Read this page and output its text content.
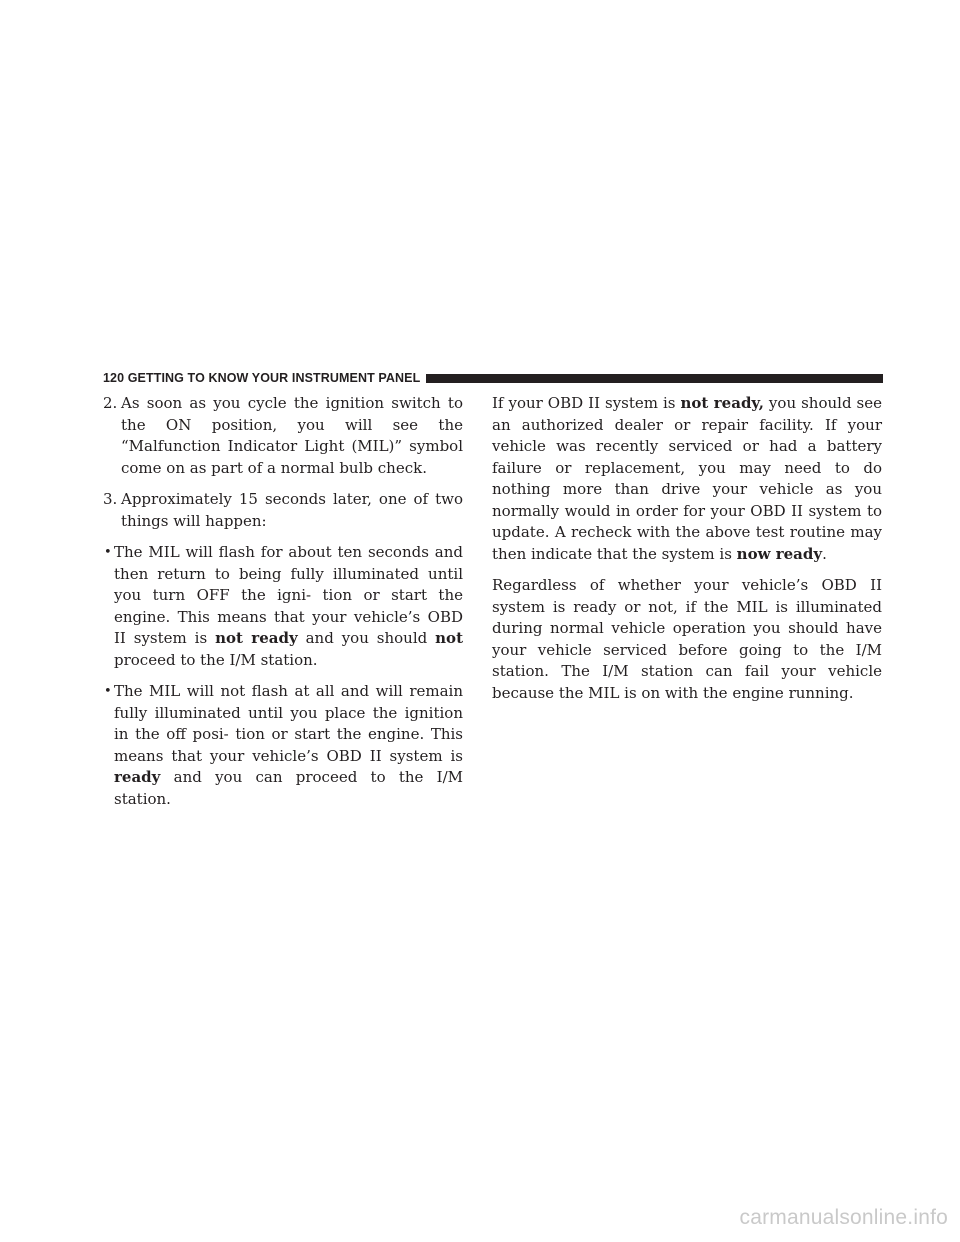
120 GETTING TO KNOW YOUR INSTRUMENT PANEL
2. As soon as you cycle the ignition switch to the ON position, you will see the “Malfunction Indicator Light (MIL)” symbol come on as part of a normal bulb check.
3. Approximately 15 seconds later, one of two things will happen:
• The MIL will flash for about ten seconds and then return to being fully illuminated until you turn OFF the igni- tion or start the engine. This means that your vehicle’s OBD II system is not ready and you should not proceed to the I/M station.
• The MIL will not flash at all and will remain fully illuminated until you place the ignition in the off posi- tion or start the engine. This means that your vehicle’s OBD II system is ready and you can proceed to the I/M station.

If your OBD II system is not ready, you should see an authorized dealer or repair facility. If your vehicle was recently serviced or had a battery failure or replacement, you may need to do nothing more than drive your vehicle as you normally would in order for your OBD II system to update. A recheck with the above test routine may then indicate that the system is now ready.

Regardless of whether your vehicle’s OBD II system is ready or not, if the MIL is illuminated during normal vehicle operation you should have your vehicle serviced before going to the I/M station. The I/M station can fail your vehicle because the MIL is on with the engine running.

carmanualsonline.info
